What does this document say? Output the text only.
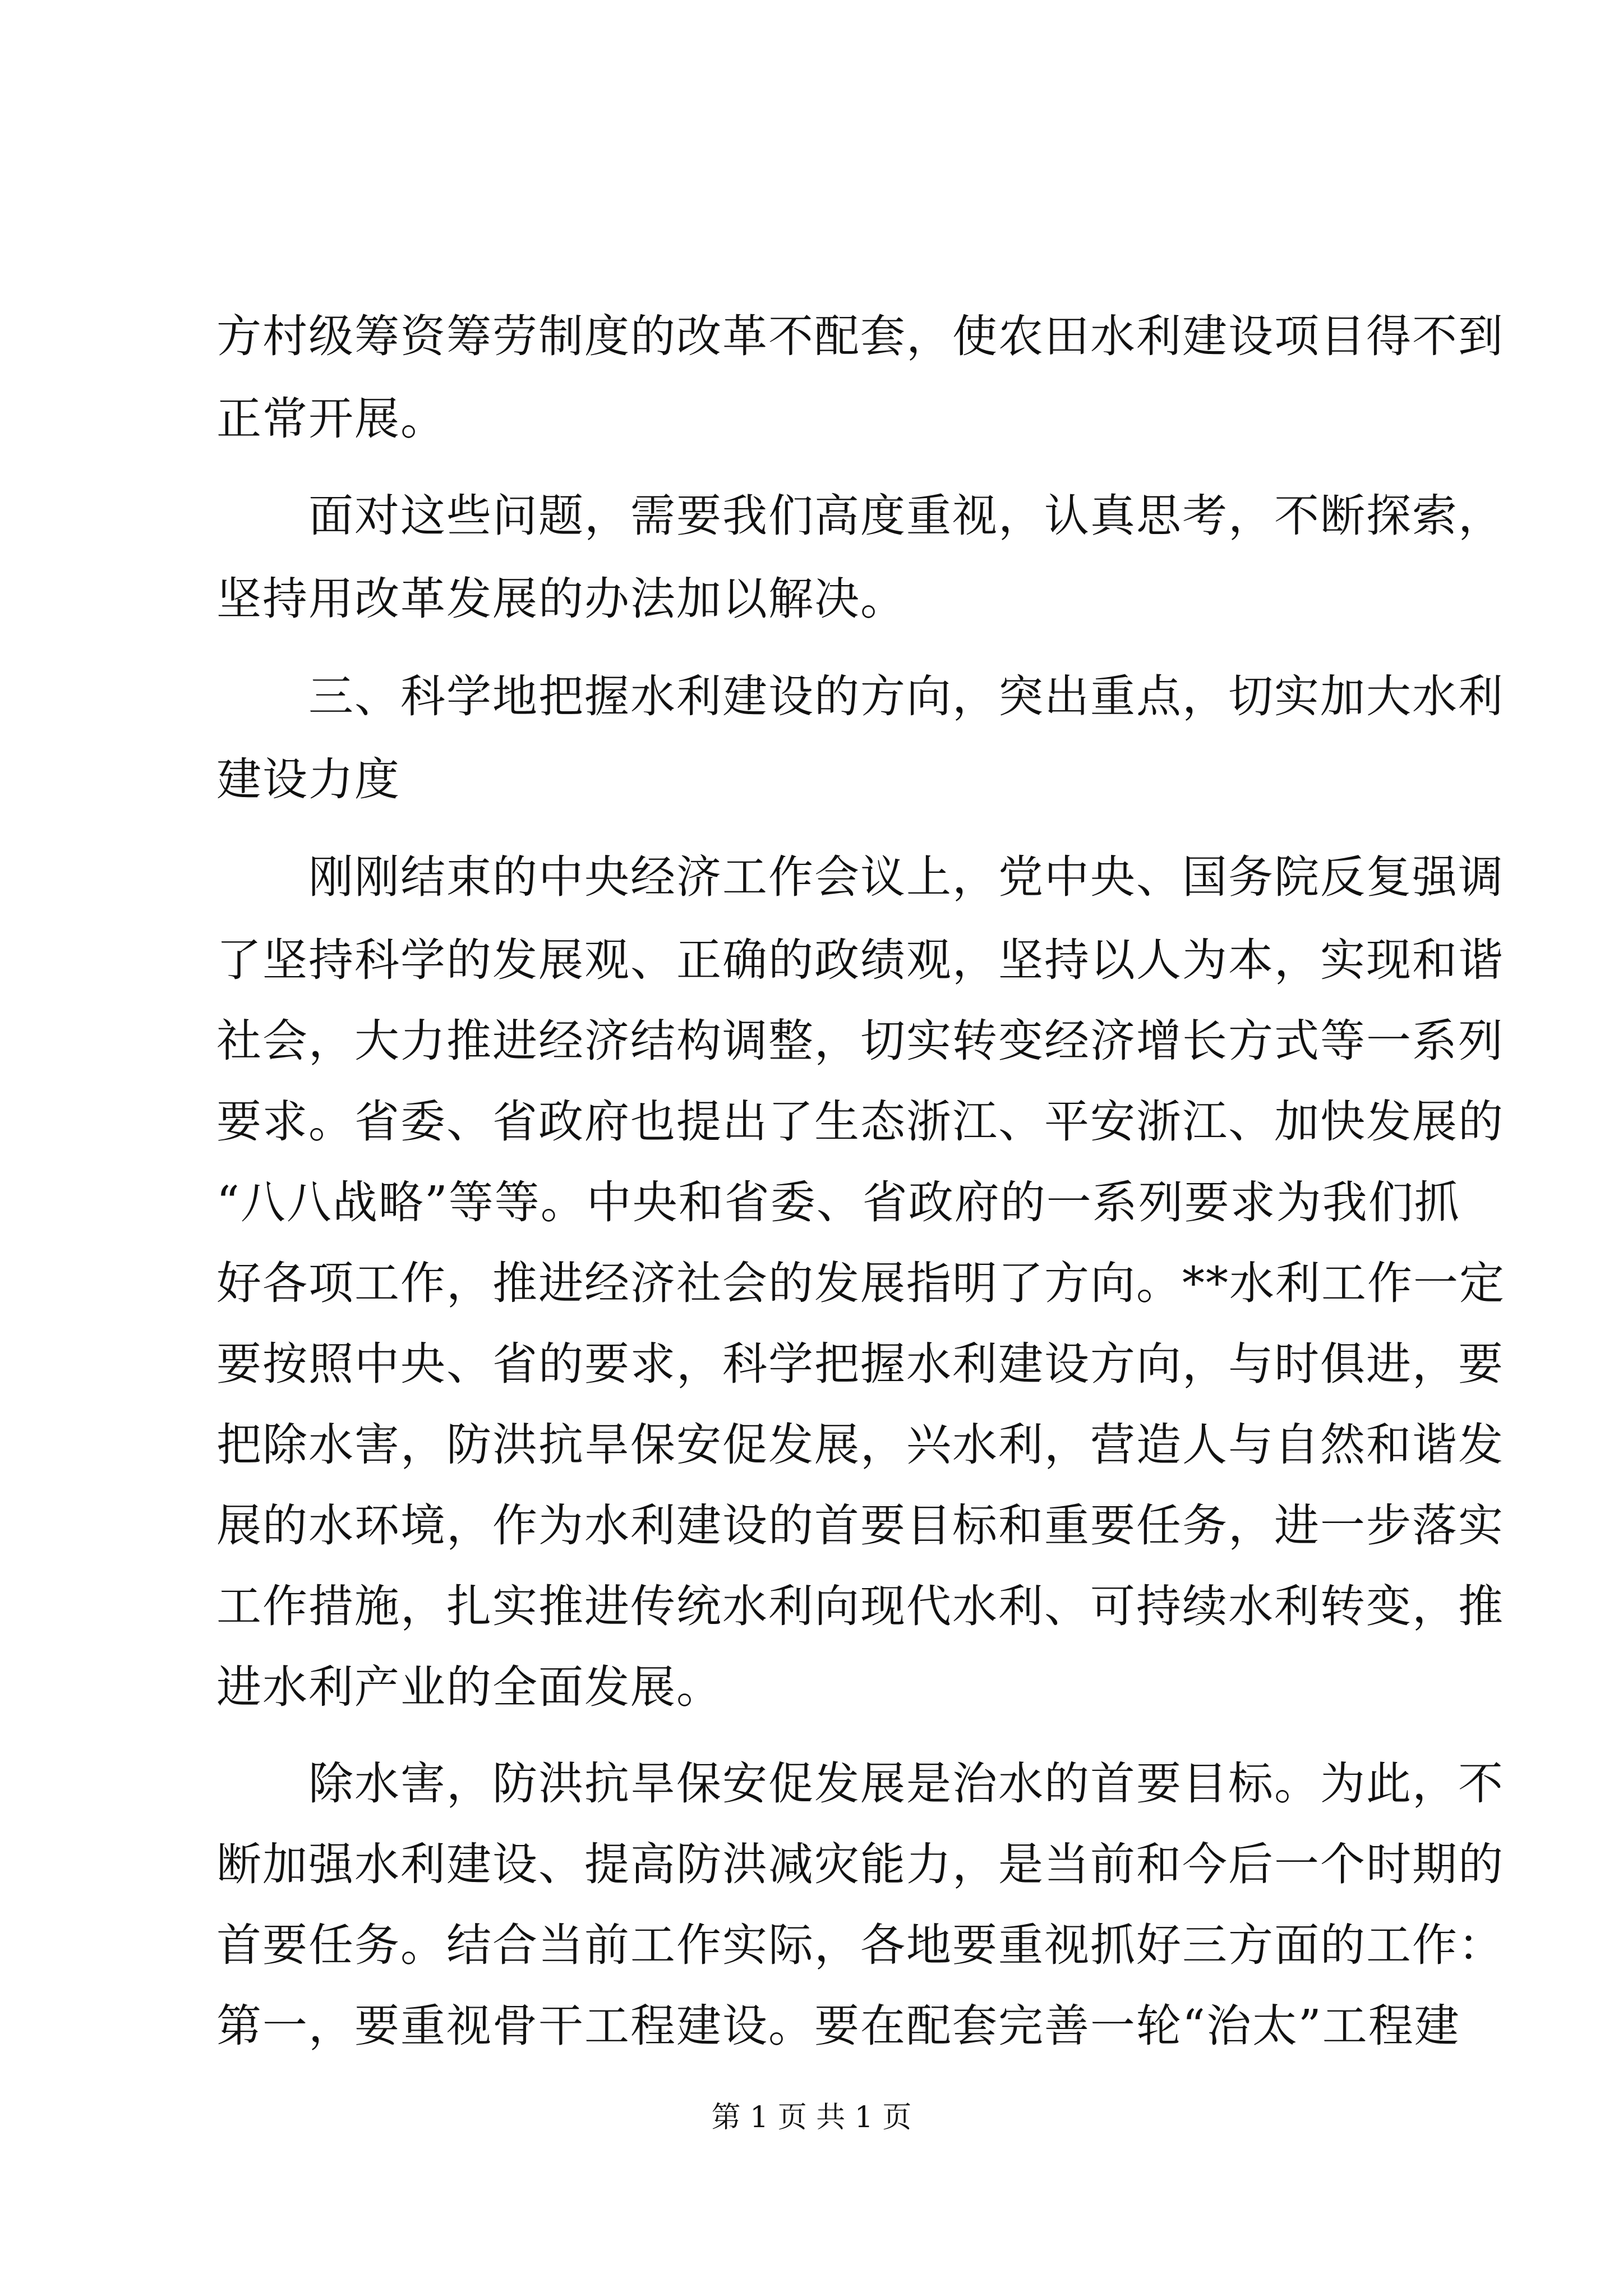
方村级筹资筹劳制度的改革不配套，使农田水利建设项目得不到
正常开展。
　　面对这些问题，需要我们高度重视，认真思考，不断探索，
坚持用改革发展的办法加以解决。
　　三、科学地把握水利建设的方向，突出重点，切实加大水利
建设力度
　　刚刚结束的中央经济工作会议上，党中央、国务院反复强调
了坚持科学的发展观、正确的政绩观，坚持以人为本，实现和谐
社会，大力推进经济结构调整，切实转变经济增长方式等一系列
要求。省委、省政府也提出了生态浙江、平安浙江、加快发展的
“八八战略”等等。中央和省委、省政府的一系列要求为我们抓
好各项工作，推进经济社会的发展指明了方向。**水利工作一定
要按照中央、省的要求，科学把握水利建设方向，与时俱进，要
把除水害，防洪抗旱保安促发展，兴水利，营造人与自然和谐发
展的水环境，作为水利建设的首要目标和重要任务，进一步落实
工作措施，扎实推进传统水利向现代水利、可持续水利转变，推
进水利产业的全面发展。
　　除水害，防洪抗旱保安促发展是治水的首要目标。为此，不
断加强水利建设、提高防洪减灾能力，是当前和今后一个时期的
首要任务。结合当前工作实际，各地要重视抓好三方面的工作：
第一，要重视骨干工程建设。要在配套完善一轮“治太”工程建
第 1 页 共 1 页
